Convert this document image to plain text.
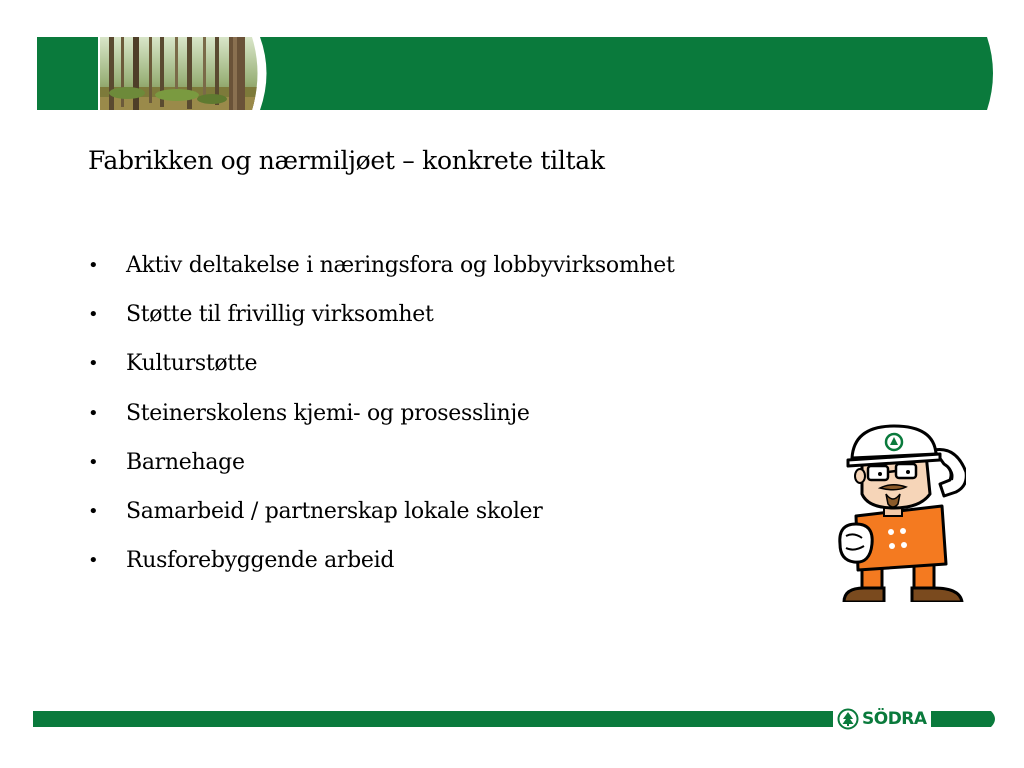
Fabrikken og nærmiljøet – konkrete tiltak
•	Aktiv deltakelse i næringsfora og lobbyvirksomhet
•	Støtte til frivillig virksomhet
•	Kulturstøtte
•	Steinerskolens kjemi- og prosesslinje
•	Barnehage
•	Samarbeid / partnerskap lokale skoler
•	Rusforebyggende arbeid
SÖDRA
